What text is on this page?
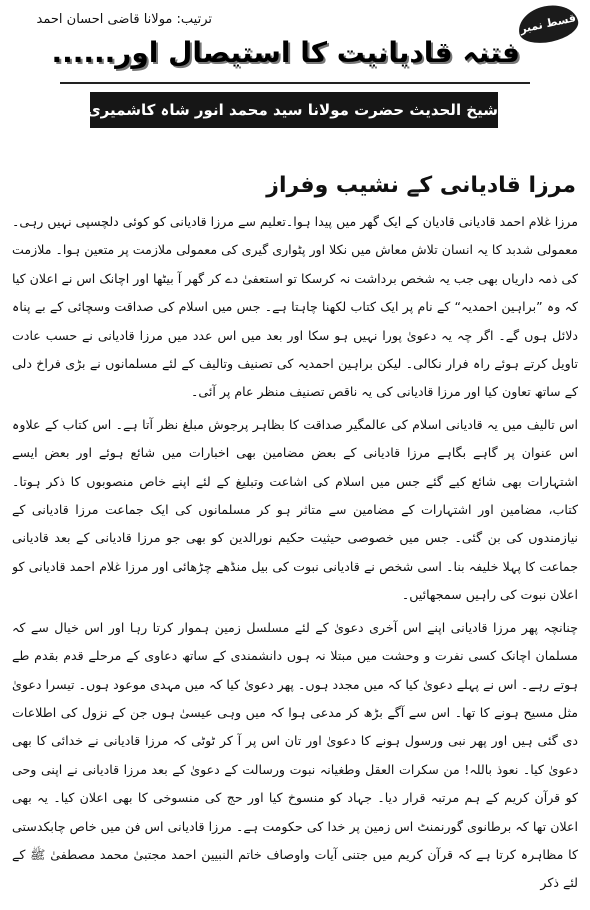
ترتیب: مولانا قاضی احسان احمد	قسط نمبر 2
فتنہ قادیانیت کا استیصال اور......
شیخ الحدیث حضرت مولانا سید محمد انور شاہ کاشمیری
مرزا قادیانی کے نشیب وفراز

مرزا غلام احمد قادیانی قادیان کے ایک گھر میں پیدا ہوا۔تعلیم سے مرزا قادیانی کو کوئی دلچسپی نہیں رہی۔ معمولی شدبد کا یہ انسان تلاش معاش میں نکلا اور پٹواری گیری کی معمولی ملازمت پر متعین ہوا۔ ملازمت کی ذمہ داریاں بھی جب یہ شخص برداشت نہ کرسکا تو استعفیٰ دے کر گھر آ بیٹھا اور اچانک اس نے اعلان کیا کہ وہ ”براہین احمدیہ“ کے نام پر ایک کتاب لکھنا چاہتا ہے۔ جس میں اسلام کی صداقت وسچائی کے بے پناہ دلائل ہوں گے۔ اگر چہ یہ دعویٰ پورا نہیں ہو سکا اور بعد میں اس عدد میں مرزا قادیانی نے حسب عادت تاویل کرتے ہوئے راہ فرار نکالی۔ لیکن براہین احمدیہ کی تصنیف وتالیف کے لئے مسلمانوں نے بڑی فراخ دلی کے ساتھ تعاون کیا اور مرزا قادیانی کی یہ ناقص تصنیف منظر عام پر آئی۔

اس تالیف میں یہ قادیانی اسلام کی عالمگیر صداقت کا بظاہر پرجوش مبلغ نظر آتا ہے۔ اس کتاب کے علاوہ اس عنوان پر گاہے بگاہے مرزا قادیانی کے بعض مضامین بھی اخبارات میں شائع ہوئے اور بعض ایسے اشتہارات بھی شائع کیے گئے جس میں اسلام کی اشاعت وتبلیغ کے لئے اپنے خاص منصوبوں کا ذکر ہوتا۔ کتاب، مضامین اور اشتہارات کے مضامین سے متاثر ہو کر مسلمانوں کی ایک جماعت مرزا قادیانی کے نیازمندوں کی بن گئی۔ جس میں خصوصی حیثیت حکیم نورالدین کو بھی جو مرزا قادیانی کے بعد قادیانی جماعت کا پہلا خلیفہ بنا۔ اسی شخص نے قادیانی نبوت کی بیل منڈھے چڑھائی اور مرزا غلام احمد قادیانی کو اعلان نبوت کی راہیں سمجھائیں۔

چنانچہ پھر مرزا قادیانی اپنے اس آخری دعویٰ کے لئے مسلسل زمین ہموار کرتا رہا اور اس خیال سے کہ مسلمان اچانک کسی نفرت و وحشت میں مبتلا نہ ہوں دانشمندی کے ساتھ دعاوی کے مرحلے قدم بقدم طے ہوتے رہے۔ اس نے پہلے دعویٰ کیا کہ میں مجدد ہوں۔ پھر دعویٰ کیا کہ میں مہدی موعود ہوں۔ تیسرا دعویٰ مثل مسیح ہونے کا تھا۔ اس سے آگے بڑھ کر مدعی ہوا کہ میں وہی عیسیٰ ہوں جن کے نزول کی اطلاعات دی گئی ہیں اور پھر نبی ورسول ہونے کا دعویٰ اور تان اس پر آ کر ٹوٹی کہ مرزا قادیانی نے خدائی کا بھی دعویٰ کیا۔ نعوذ باللہ! من سکرات العقل وطغیانہ نبوت ورسالت کے دعویٰ کے بعد مرزا قادیانی نے اپنی وحی کو قرآن کریم کے ہم مرتبہ قرار دیا۔ جہاد کو منسوخ کیا اور حج کی منسوخی کا بھی اعلان کیا۔ یہ بھی اعلان تھا کہ برطانوی گورنمنٹ اس زمین پر خدا کی حکومت ہے۔ مرزا قادیانی اس فن میں خاص چابکدستی کا مظاہرہ کرتا ہے کہ قرآن کریم میں جتنی آیات واوصاف خاتم النبیین احمد مجتبیٰ محمد مصطفیٰ ﷺ کے لئے ذکر
